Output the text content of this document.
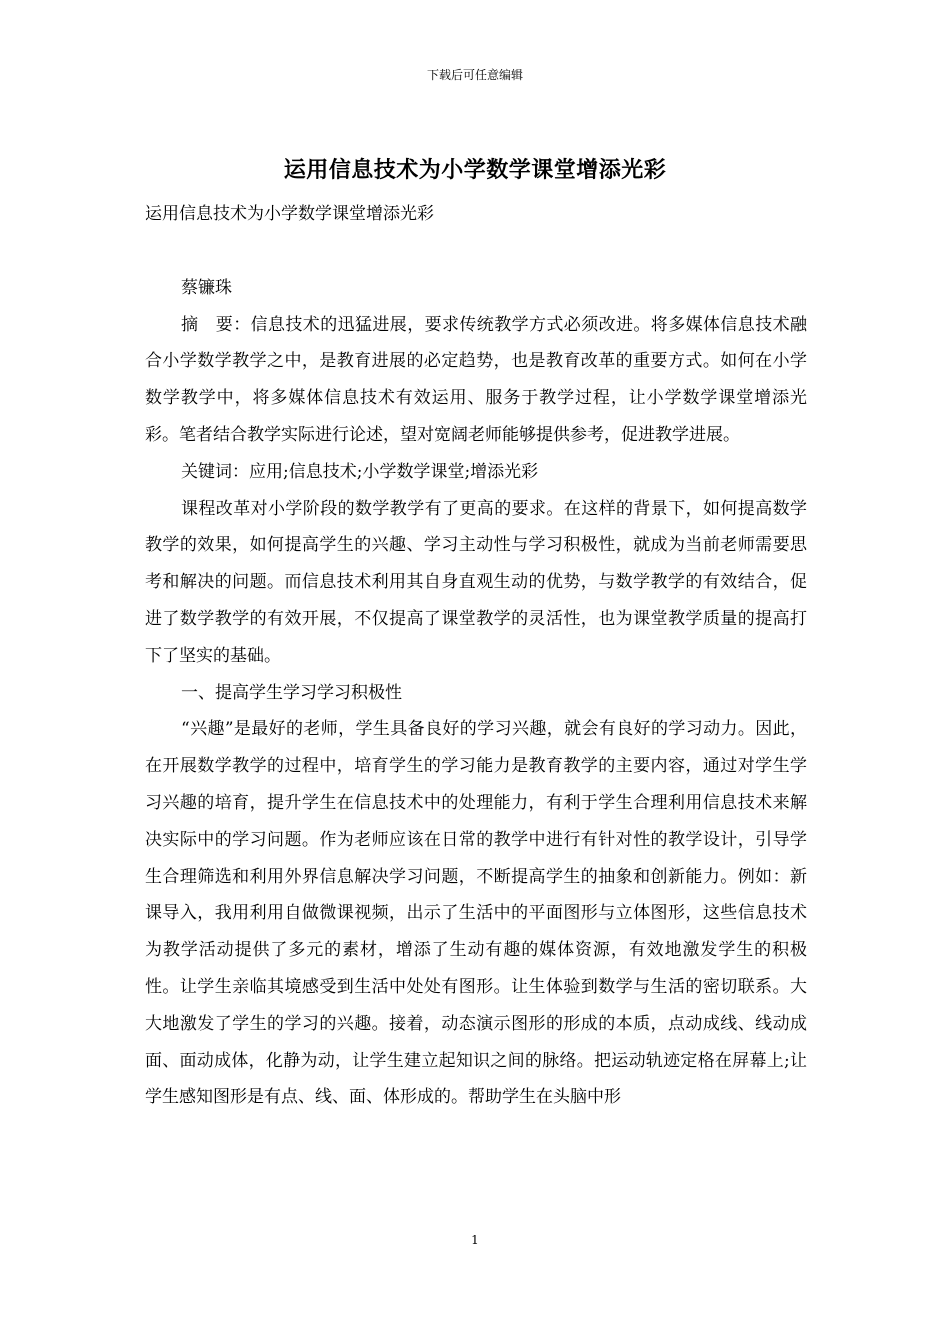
下载后可任意编辑
运用信息技术为小学数学课堂增添光彩

运用信息技术为小学数学课堂增添光彩

蔡镰珠

摘　要：信息技术的迅猛进展，要求传统教学方式必须改进。将多媒体信息技术融合小学数学教学之中，是教育进展的必定趋势，也是教育改革的重要方式。如何在小学数学教学中，将多媒体信息技术有效运用、服务于教学过程，让小学数学课堂增添光彩。笔者结合教学实际进行论述，望对宽阔老师能够提供参考，促进教学进展。

关键词：应用;信息技术;小学数学课堂;增添光彩

课程改革对小学阶段的数学教学有了更高的要求。在这样的背景下，如何提高数学教学的效果，如何提高学生的兴趣、学习主动性与学习积极性，就成为当前老师需要思考和解决的问题。而信息技术利用其自身直观生动的优势，与数学教学的有效结合，促进了数学教学的有效开展，不仅提高了课堂教学的灵活性，也为课堂教学质量的提高打下了坚实的基础。

一、提高学生学习学习积极性

“兴趣”是最好的老师，学生具备良好的学习兴趣，就会有良好的学习动力。因此，在开展数学教学的过程中，培育学生的学习能力是教育教学的主要内容，通过对学生学习兴趣的培育，提升学生在信息技术中的处理能力，有利于学生合理利用信息技术来解决实际中的学习问题。作为老师应该在日常的教学中进行有针对性的教学设计，引导学生合理筛选和利用外界信息解决学习问题，不断提高学生的抽象和创新能力。例如：新课导入，我用利用自做微课视频，出示了生活中的平面图形与立体图形，这些信息技术为教学活动提供了多元的素材，增添了生动有趣的媒体资源，有效地激发学生的积极性。让学生亲临其境感受到生活中处处有图形。让生体验到数学与生活的密切联系。大大地激发了学生的学习的兴趣。接着，动态演示图形的形成的本质，点动成线、线动成面、面动成体，化静为动，让学生建立起知识之间的脉络。把运动轨迹定格在屏幕上;让学生感知图形是有点、线、面、体形成的。帮助学生在头脑中形

1
